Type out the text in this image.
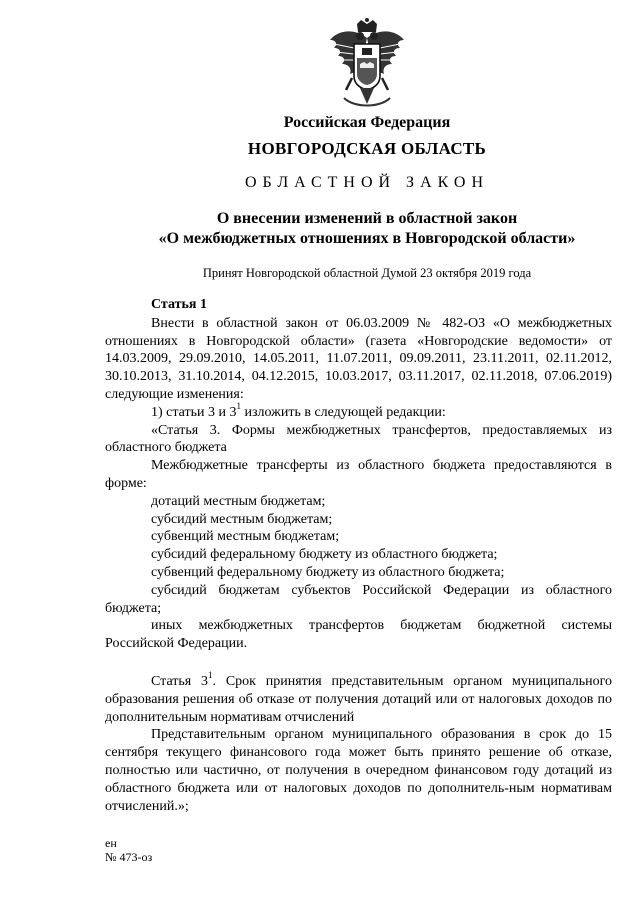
Российская Федерация
НОВГОРОДСКАЯ ОБЛАСТЬ
ОБЛАСТНОЙ ЗАКОН
О внесении изменений в областной закон
«О межбюджетных отношениях в Новгородской области»
Принят Новгородской областной Думой 23 октября 2019 года

Статья 1

Внести в областной закон от 06.03.2009 № 482-ОЗ «О межбюджетных отношениях в Новгородской области» (газета «Новгородские ведомости» от 14.03.2009, 29.09.2010, 14.05.2011, 11.07.2011, 09.09.2011, 23.11.2011, 02.11.2012, 30.10.2013, 31.10.2014, 04.12.2015, 10.03.2017, 03.11.2017, 02.11.2018, 07.06.2019) следующие изменения:

1) статьи 3 и $3^1$ изложить в следующей редакции:

«Статья 3. Формы межбюджетных трансфертов, предоставляемых из областного бюджета

Межбюджетные трансферты из областного бюджета предоставляются в форме:

дотаций местным бюджетам;

субсидий местным бюджетам;

субвенций местным бюджетам;

субсидий федеральному бюджету из областного бюджета;

субвенций федеральному бюджету из областного бюджета;

субсидий бюджетам субъектов Российской Федерации из областного бюджета;

иных межбюджетных трансфертов бюджетам бюджетной системы Российской Федерации.

Статья $3^1$. Срок принятия представительным органом муниципального образования решения об отказе от получения дотаций или от налоговых доходов по дополнительным нормативам отчислений

Представительным органом муниципального образования в срок до 15 сентября текущего финансового года может быть принято решение об отказе, полностью или частично, от получения в очередном финансовом году дотаций из областного бюджета или от налоговых доходов по дополнитель-ным нормативам отчислений.»;

ен
№ 473-оз
